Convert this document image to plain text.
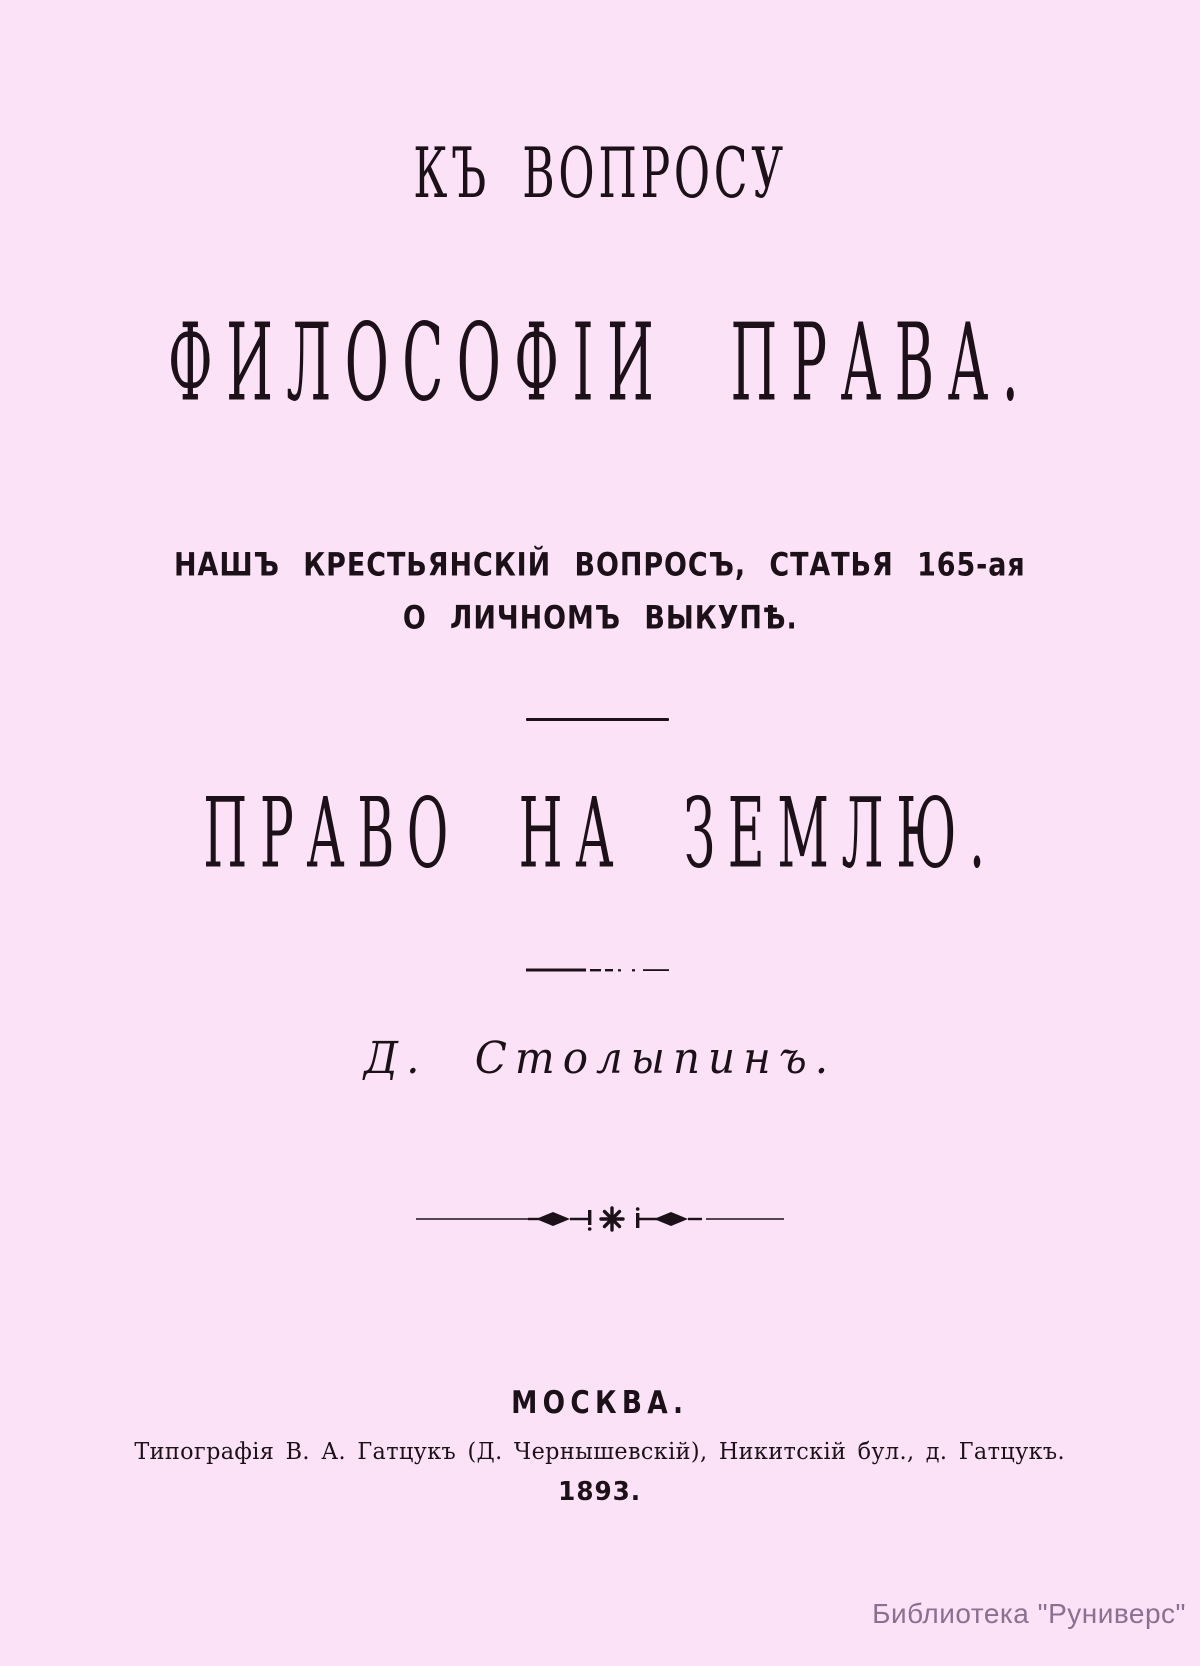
КЪ ВОПРОСУ
ФИЛОСОФІИ ПРАВА.
НАШЪ КРЕСТЬЯНСКІЙ ВОПРОСЪ, СТАТЬЯ 165-ая
О ЛИЧНОМЪ ВЫКУПѢ.
ПРАВО НА ЗЕМЛЮ.
Д. Столыпинъ.
МОСКВА.
Типографія В. А. Гатцукъ (Д. Чернышевскій), Никитскій бул., д. Гатцукъ.
1893.
Библиотека "Руниверс"
